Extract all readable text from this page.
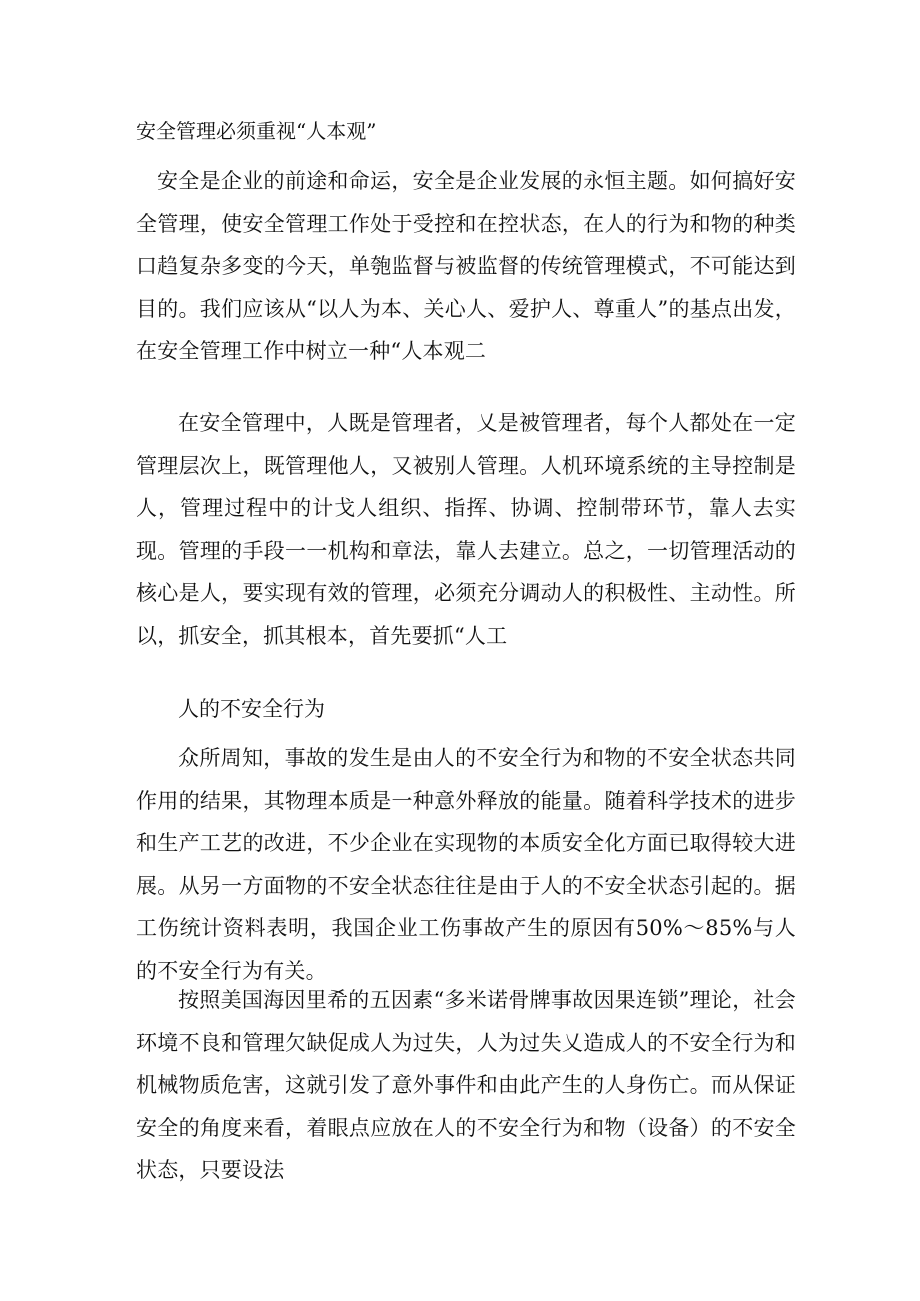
安全管理必须重视“人本观”

安全是企业的前途和命运，安全是企业发展的永恒主题。如何搞好安全管理，使安全管理工作处于受控和在控状态，在人的行为和物的种类口趋复杂多变的今天，单匏监督与被监督的传统管理模式，不可能达到目的。我们应该从“以人为本、关心人、爱护人、尊重人”的基点出发，在安全管理工作中树立一种“人本观二

在安全管理中，人既是管理者，乂是被管理者，每个人都处在一定管理层次上，既管理他人，又被别人管理。人机环境系统的主导控制是人，管理过程中的计戈人组织、指挥、协调、控制带环节，靠人去实现。管理的手段一一机构和章法，靠人去建立。总之，一切管理活动的核心是人，要实现有效的管理，必须充分调动人的积极性、主动性。所以，抓安全，抓其根本，首先要抓“人工

人的不安全行为

众所周知，事故的发生是由人的不安全行为和物的不安全状态共同作用的结果，其物理本质是一种意外释放的能量。随着科学技术的进步和生产工艺的改进，不少企业在实现物的本质安全化方面已取得较大进展。从另一方面物的不安全状态往往是由于人的不安全状态引起的。据工伤统计资料表明，我国企业工伤事故产生的原因有50%～85%与人的不安全行为有关。

按照美国海因里希的五因素“多米诺骨牌事故因果连锁”理论，社会环境不良和管理欠缺促成人为过失，人为过失乂造成人的不安全行为和机械物质危害，这就引发了意外事件和由此产生的人身伤亡。而从保证安全的角度来看，着眼点应放在人的不安全行为和物（设备）的不安全状态，只要设法
